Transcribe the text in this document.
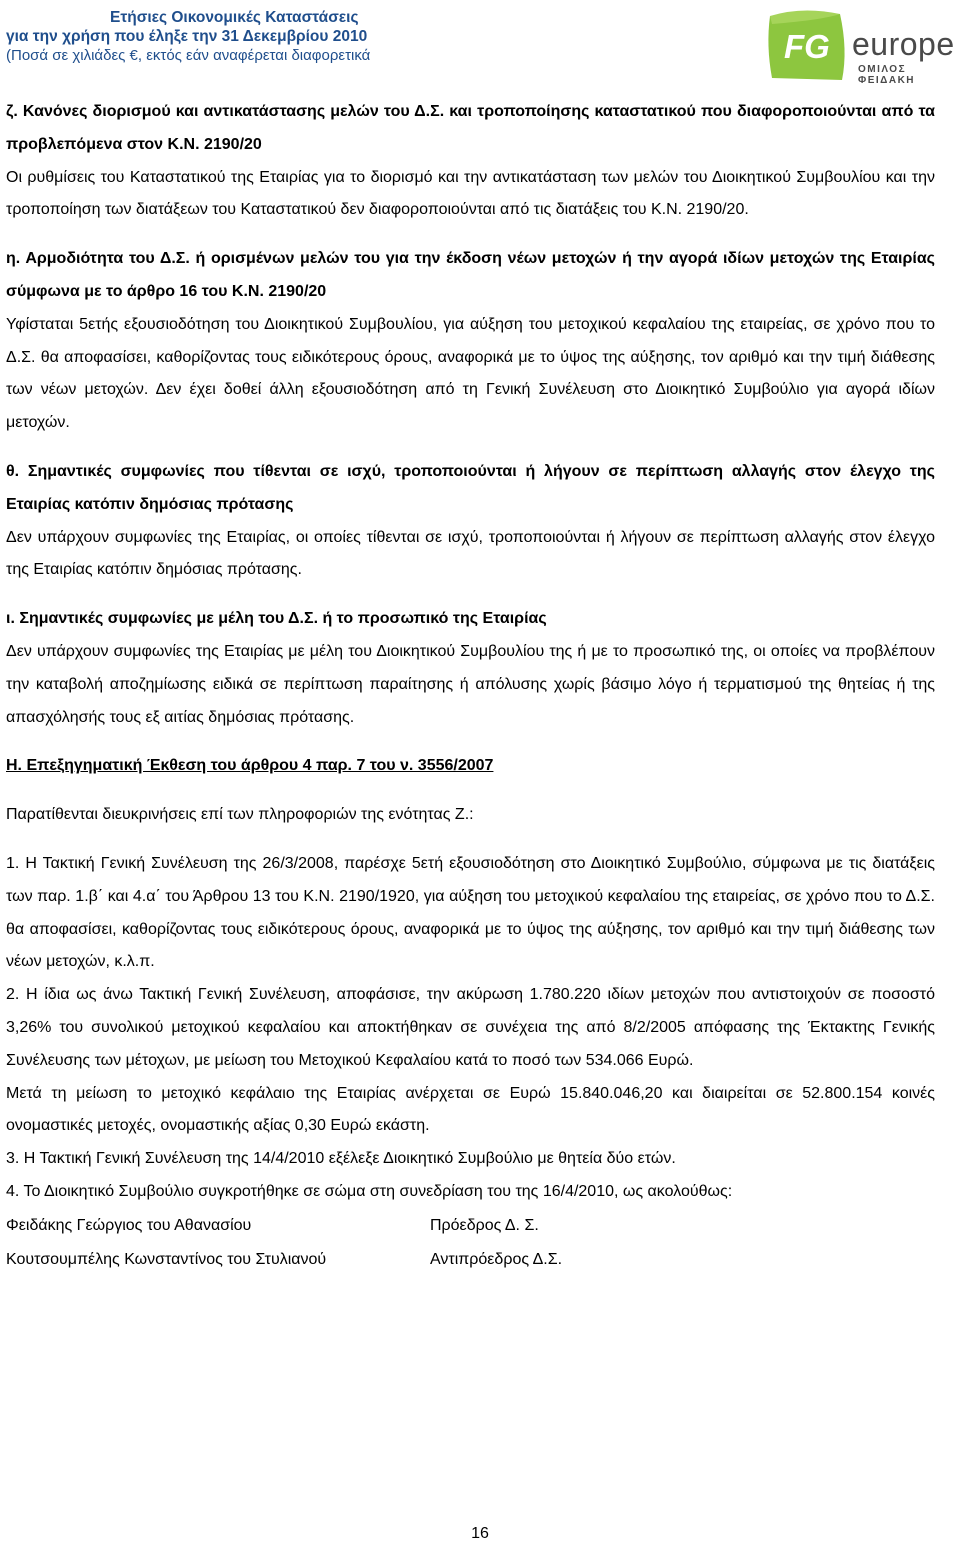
Ετήσιες Οικονομικές Καταστάσεις
για την χρήση που έληξε την 31 Δεκεμβρίου 2010
(Ποσά σε χιλιάδες €, εκτός εάν αναφέρεται διαφορετικά	FG europe
ΟΜΙΛΟΣ ΦΕΙΔΑΚΗ

ζ. Κανόνες διορισμού και αντικατάστασης μελών του Δ.Σ. και τροποποίησης καταστατικού που διαφοροποιούνται από τα προβλεπόμενα στον Κ.Ν. 2190/20

Οι ρυθμίσεις του Καταστατικού της Εταιρίας για το διορισμό και την αντικατάσταση των μελών του Διοικητικού Συμβουλίου και την τροποποίηση των διατάξεων του Καταστατικού δεν διαφοροποιούνται από τις διατάξεις του Κ.Ν. 2190/20.

η. Αρμοδιότητα του Δ.Σ. ή ορισμένων μελών του για την έκδοση νέων μετοχών ή την αγορά ιδίων μετοχών της Εταιρίας σύμφωνα με το άρθρο 16 του Κ.Ν. 2190/20

Υφίσταται 5ετής εξουσιοδότηση του Διοικητικού Συμβουλίου, για αύξηση του μετοχικού κεφαλαίου της εταιρείας, σε χρόνο που το Δ.Σ. θα αποφασίσει, καθορίζοντας τους ειδικότερους όρους, αναφορικά με το ύψος της αύξησης, τον αριθμό και την τιμή διάθεσης των νέων μετοχών. Δεν έχει δοθεί άλλη εξουσιοδότηση από τη Γενική Συνέλευση στο Διοικητικό Συμβούλιο για αγορά ιδίων μετοχών.

θ. Σημαντικές συμφωνίες που τίθενται σε ισχύ, τροποποιούνται ή λήγουν σε περίπτωση αλλαγής στον έλεγχο της Εταιρίας κατόπιν δημόσιας πρότασης

Δεν υπάρχουν συμφωνίες της Εταιρίας, οι οποίες τίθενται σε ισχύ, τροποποιούνται ή λήγουν σε περίπτωση αλλαγής στον έλεγχο της Εταιρίας κατόπιν δημόσιας πρότασης.

ι. Σημαντικές συμφωνίες με μέλη του Δ.Σ. ή το προσωπικό της Εταιρίας

Δεν υπάρχουν συμφωνίες της Εταιρίας με μέλη του Διοικητικού Συμβουλίου της ή με το προσωπικό της, οι οποίες να προβλέπουν την καταβολή αποζημίωσης ειδικά σε περίπτωση παραίτησης ή απόλυσης χωρίς βάσιμο λόγο ή τερματισμού της θητείας ή της απασχόλησής τους εξ αιτίας δημόσιας πρότασης.

Η. Επεξηγηματική Έκθεση του άρθρου 4 παρ. 7 του ν. 3556/2007

Παρατίθενται διευκρινήσεις επί των πληροφοριών της ενότητας Ζ.:

1. Η Τακτική Γενική Συνέλευση της 26/3/2008, παρέσχε 5ετή εξουσιοδότηση στο Διοικητικό Συμβούλιο, σύμφωνα με τις διατάξεις των παρ. 1.β΄ και 4.α΄ του Άρθρου 13 του Κ.Ν. 2190/1920, για αύξηση του μετοχικού κεφαλαίου της εταιρείας, σε χρόνο που το Δ.Σ. θα αποφασίσει, καθορίζοντας τους ειδικότερους όρους, αναφορικά με το ύψος της αύξησης, τον αριθμό και την τιμή διάθεσης των νέων μετοχών, κ.λ.π.

2. Η ίδια ως άνω Τακτική Γενική Συνέλευση, αποφάσισε, την ακύρωση 1.780.220 ιδίων μετοχών που αντιστοιχούν σε ποσοστό 3,26% του συνολικού μετοχικού κεφαλαίου και αποκτήθηκαν σε συνέχεια της από 8/2/2005 απόφασης της Έκτακτης Γενικής Συνέλευσης των μέτοχων, με μείωση του Μετοχικού Κεφαλαίου κατά το ποσό των 534.066 Ευρώ.

Μετά τη μείωση το μετοχικό κεφάλαιο της Εταιρίας ανέρχεται σε Ευρώ 15.840.046,20 και διαιρείται σε 52.800.154 κοινές ονομαστικές μετοχές, ονομαστικής αξίας 0,30 Ευρώ εκάστη.

3. Η Τακτική Γενική Συνέλευση της 14/4/2010 εξέλεξε Διοικητικό Συμβούλιο με θητεία δύο ετών.

4. Το Διοικητικό Συμβούλιο συγκροτήθηκε σε σώμα στη συνεδρίαση του της 16/4/2010, ως ακολούθως:

Φειδάκης Γεώργιος του Αθανασίου	Πρόεδρος Δ. Σ.
Κουτσουμπέλης Κωνσταντίνος του Στυλιανού	Αντιπρόεδρος Δ.Σ.
16
